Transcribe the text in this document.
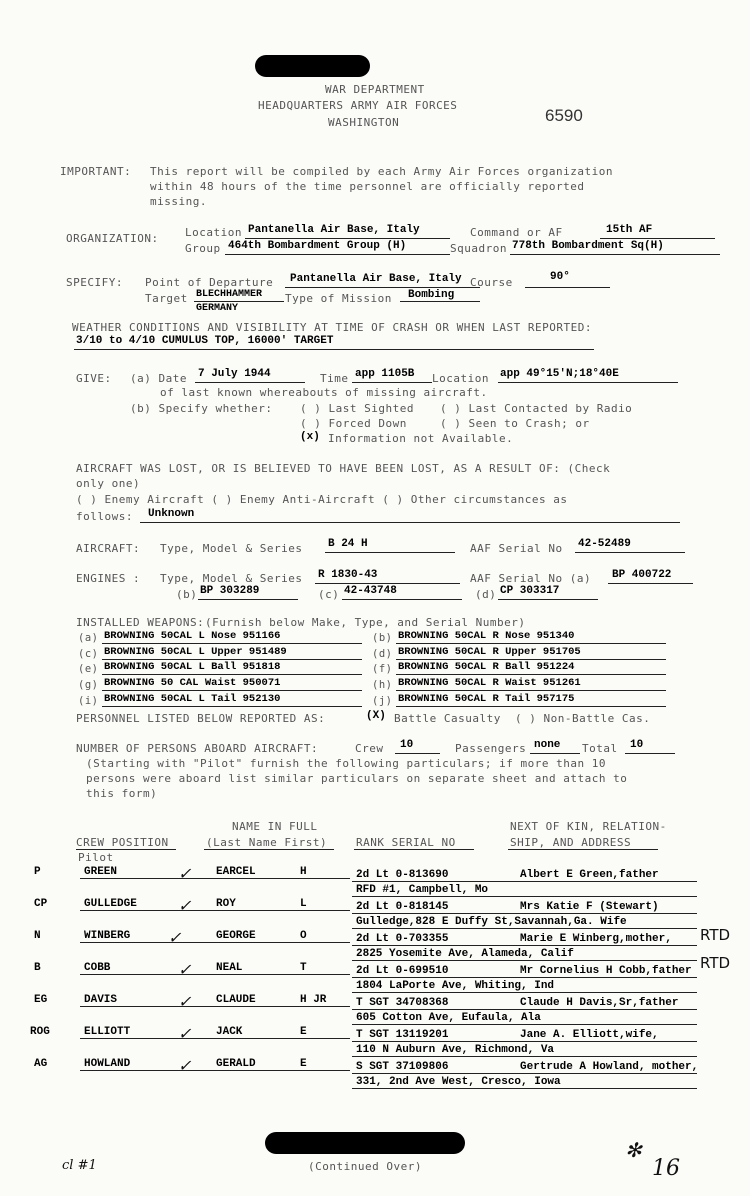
WAR DEPARTMENT
HEADQUARTERS ARMY AIR FORCES
WASHINGTON	6590
IMPORTANT: This report will be compiled by each Army Air Forces organization
within 48 hours of the time personnel are officially reported
missing.
ORGANIZATION: Location Pantanella Air Base, Italy
Group 464th Bombardment Group (H)
Command or AF	15th AF
Squadron 778th Bombardment Sq(H)
SPECIFY: Point of Departure Pantanella Air Base, Italy Course	90°
Target BLECHHAMMER
GERMANY
Type of Mission Bombing
WEATHER CONDITIONS AND VISIBILITY AT TIME OF CRASH OR WHEN LAST REPORTED:
3/10 to 4/10 CUMULUS TOP, 16000' TARGET
GIVE: (a) Date 7 July 1944	Time app 1105B Location app 49°15'N;18°40E
of last known whereabouts of missing aircraft.
(b) Specify whether:	( ) Last Sighted ( ) Last Contacted by Radio
( ) Forced Down	( ) Seen to Crash; or
(x) Information not Available.
AIRCRAFT WAS LOST, OR IS BELIEVED TO HAVE BEEN LOST, AS A RESULT OF: (Check
only one)
( ) Enemy Aircraft ( ) Enemy Anti-Aircraft ( ) Other circumstances as
follows: Unknown
AIRCRAFT: Type, Model & Series B 24 H	AAF Serial No 42-52489
ENGINES : Type, Model & Series R 1830-43	AAF Serial No (a) BP 400722
(b) BP 303289	(c) 42-43748	(d) CP 303317
INSTALLED WEAPONS: (Furnish below Make, Type, and Serial Number)
(a) BROWNING 50CAL L Nose 951166
(c) BROWNING 50CAL L Upper 951489
(e) BROWNING 50CAL L Ball 951818
(g) BROWNING 50 CAL Waist 950071
(i) BROWNING 50CAL L Tail 952130
(b) BROWNING 50CAL R Nose 951340
(d) BROWNING 50CAL R Upper 951705
(f) BROWNING 50CAL R Ball 951224
(h) BROWNING 50CAL R Waist 951261
(j) BROWNING 50CAL R Tail 957175
PERSONNEL LISTED BELOW REPORTED AS:	(X) Battle Casualty ( ) Non-Battle Cas.
NUMBER OF PERSONS ABOARD AIRCRAFT:	Crew 10	Passengers none Total 10
(Starting with "Pilot" furnish the following particulars; if more than 10
persons were aboard list similar particulars on separate sheet and attach to
this form)
NAME IN FULL	NEXT OF KIN, RELATION-
CREW POSITION	(Last Name First)	RANK SERIAL NO	SHIP, AND ADDRESS
Pilot
P	GREEN	EARCEL	H	2d Lt 0-813690	Albert E Green,father
RFD #1, Campbell, Mo
✓
CP	GULLEDGE	ROY	L	2d Lt 0-818145	Mrs Katie F (Stewart)
Gulledge,828 E Duffy St,Savannah,Ga. Wife
✓
N	WINBERG	GEORGE	O	2d Lt 0-703355	Marie E Winberg,mother,
2825 Yosemite Ave, Alameda, Calif
RTD
✓
B	COBB	NEAL	T	2d Lt 0-699510	Mr Cornelius H Cobb,father
1804 LaPorte Ave, Whiting, Ind
RTD
✓
EG	DAVIS	CLAUDE	H JR	T SGT 34708368	Claude H Davis,Sr,father
605 Cotton Ave, Eufaula, Ala
✓
ROG	ELLIOTT	JACK	E	T SGT 13119201	Jane A. Elliott,wife,
110 N Auburn Ave, Richmond, Va
✓
AG	HOWLAND	GERALD	E	S SGT 37109806	Gertrude A Howland, mother,
331, 2nd Ave West, Cresco, Iowa
✓
(Continued Over)
cl #1	16
✻
